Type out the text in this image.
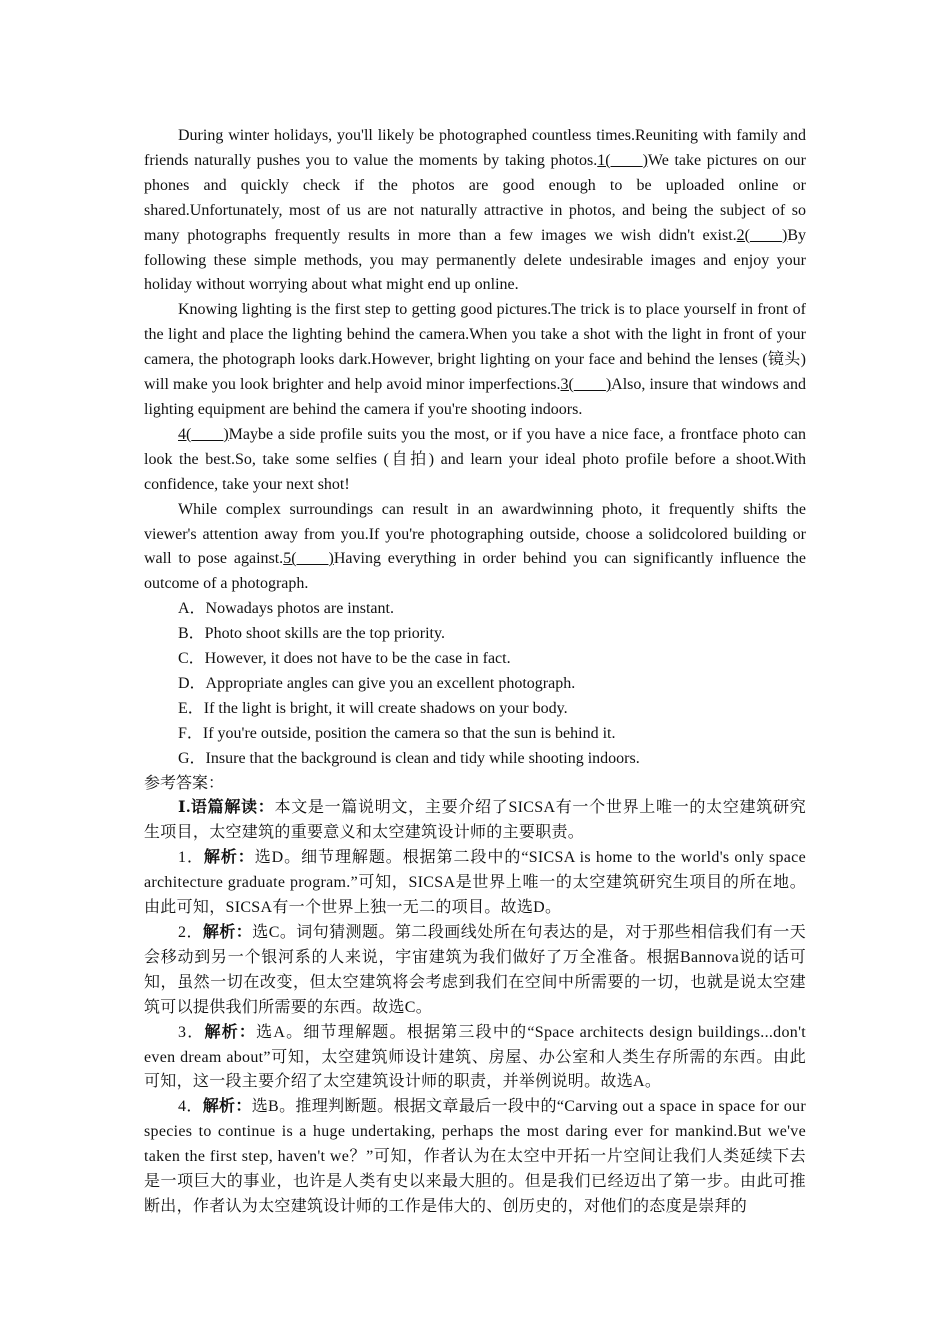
During winter holidays, you'll likely be photographed countless times.Reuniting with family and friends naturally pushes you to value the moments by taking photos.1(____)We take pictures on our phones and quickly check if the photos are good enough to be uploaded online or shared.Unfortunately, most of us are not naturally attractive in photos, and being the subject of so many photographs frequently results in more than a few images we wish didn't exist.2(____)By following these simple methods, you may permanently delete undesirable images and enjoy your holiday without worrying about what might end up online.

Knowing lighting is the first step to getting good pictures.The trick is to place yourself in front of the light and place the lighting behind the camera.When you take a shot with the light in front of your camera, the photograph looks dark.However, bright lighting on your face and behind the lenses (镜头) will make you look brighter and help avoid minor imperfections.3(____)Also, insure that windows and lighting equipment are behind the camera if you're shooting indoors.

4(____)Maybe a side profile suits you the most, or if you have a nice face, a frontface photo can look the best.So, take some selfies (自拍) and learn your ideal photo profile before a shoot.With confidence, take your next shot!

While complex surroundings can result in an awardwinning photo, it frequently shifts the viewer's attention away from you.If you're photographing outside, choose a solidcolored building or wall to pose against.5(____)Having everything in order behind you can significantly influence the outcome of a photograph.

A．Nowadays photos are instant.

B．Photo shoot skills are the top priority.

C．However, it does not have to be the case in fact.

D．Appropriate angles can give you an excellent photograph.

E．If the light is bright, it will create shadows on your body.

F．If you're outside, position the camera so that the sun is behind it.

G．Insure that the background is clean and tidy while shooting indoors.

参考答案：

Ⅰ.语篇解读：本文是一篇说明文，主要介绍了SICSA有一个世界上唯一的太空建筑研究生项目，太空建筑的重要意义和太空建筑设计师的主要职责。

1．解析：选D。细节理解题。根据第二段中的“SICSA is home to the world's only space architecture graduate program.”可知，SICSA是世界上唯一的太空建筑研究生项目的所在地。由此可知，SICSA有一个世界上独一无二的项目。故选D。

2．解析：选C。词句猜测题。第二段画线处所在句表达的是，对于那些相信我们有一天会移动到另一个银河系的人来说，宇宙建筑为我们做好了万全准备。根据Bannova说的话可知，虽然一切在改变，但太空建筑将会考虑到我们在空间中所需要的一切，也就是说太空建筑可以提供我们所需要的东西。故选C。

3．解析：选A。细节理解题。根据第三段中的“Space architects design buildings...don't even dream about”可知，太空建筑师设计建筑、房屋、办公室和人类生存所需的东西。由此可知，这一段主要介绍了太空建筑设计师的职责，并举例说明。故选A。

4．解析：选B。推理判断题。根据文章最后一段中的“Carving out a space in space for our species to continue is a huge undertaking, perhaps the most daring ever for mankind.But we've taken the first step, haven't we？”可知，作者认为在太空中开拓一片空间让我们人类延续下去是一项巨大的事业，也许是人类有史以来最大胆的。但是我们已经迈出了第一步。由此可推断出，作者认为太空建筑设计师的工作是伟大的、创历史的，对他们的态度是崇拜的
